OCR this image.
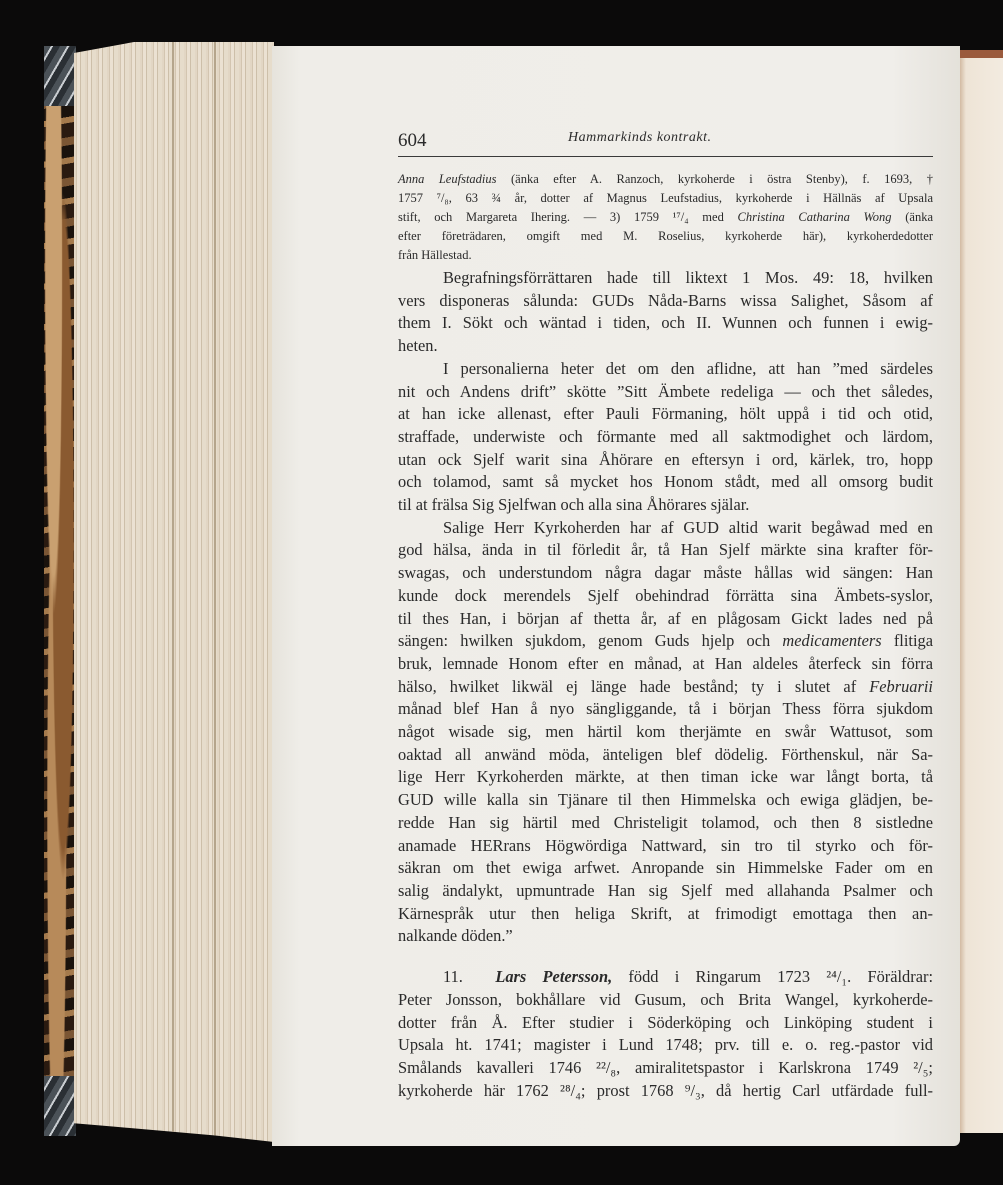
604	Hammarkinds kontrakt.

Anna Leufstadius (änka efter A. Ranzoch, kyrkoherde i östra Stenby), f. 1693, †
1757 ⁷/₈, 63 ¾ år, dotter af Magnus Leufstadius, kyrkoherde i Hällnäs af Upsala
stift, och Margareta Ihering. — 3) 1759 ¹⁷/₄ med Christina Catharina Wong (änka
efter företrädaren, omgift med M. Roselius, kyrkoherde här), kyrkoherdedotter
från Hällestad.

Begrafningsförrättaren hade till liktext 1 Mos. 49: 18, hvilken
vers disponeras sålunda: GUDs Nåda-Barns wissa Salighet, Såsom af
them I. Sökt och wäntad i tiden, och II. Wunnen och funnen i ewig-
heten.

I personalierna heter det om den aflidne, att han ”med särdeles
nit och Andens drift” skötte ”Sitt Ämbete redeliga — och thet således,
at han icke allenast, efter Pauli Förmaning, hölt uppå i tid och otid,
straffade, underwiste och förmante med all saktmodighet och lärdom,
utan ock Sjelf warit sina Åhörare en eftersyn i ord, kärlek, tro, hopp
och tolamod, samt så mycket hos Honom stådt, med all omsorg budit
til at frälsa Sig Sjelfwan och alla sina Åhörares själar.

Salige Herr Kyrkoherden har af GUD altid warit begåwad med en
god hälsa, ända in til förledit år, tå Han Sjelf märkte sina krafter för-
swagas, och understundom några dagar måste hållas wid sängen: Han
kunde dock merendels Sjelf obehindrad förrätta sina Ämbets-syslor,
til thes Han, i början af thetta år, af en plågosam Gickt lades ned på
sängen: hwilken sjukdom, genom Guds hjelp och medicamenters flitiga
bruk, lemnade Honom efter en månad, at Han aldeles återfeck sin förra
hälso, hwilket likwäl ej länge hade bestånd; ty i slutet af Februarii
månad blef Han å nyo sängliggande, tå i början Thess förra sjukdom
något wisade sig, men härtil kom therjämte en swår Wattusot, som
oaktad all anwänd möda, änteligen blef dödelig. Förthenskul, när Sa-
lige Herr Kyrkoherden märkte, at then timan icke war långt borta, tå
GUD wille kalla sin Tjänare til then Himmelska och ewiga glädjen, be-
redde Han sig härtil med Christeligit tolamod, och then 8 sistledne
anamade HERrans Högwördiga Nattward, sin tro til styrko och för-
säkran om thet ewiga arfwet. Anropande sin Himmelske Fader om en
salig ändalykt, upmuntrade Han sig Sjelf med allahanda Psalmer och
Kärnespråk utur then heliga Skrift, at frimodigt emottaga then an-
nalkande döden.”

11. Lars Petersson, född i Ringarum 1723 ²⁴/₁. Föräldrar:
Peter Jonsson, bokhållare vid Gusum, och Brita Wangel, kyrkoherde-
dotter från Å. Efter studier i Söderköping och Linköping student i
Upsala ht. 1741; magister i Lund 1748; prv. till e. o. reg.-pastor vid
Smålands kavalleri 1746 ²²/₈, amiralitetspastor i Karlskrona 1749 ²/₅;
kyrkoherde här 1762 ²⁸/₄; prost 1768 ⁹/₃, då hertig Carl utfärdade full-
